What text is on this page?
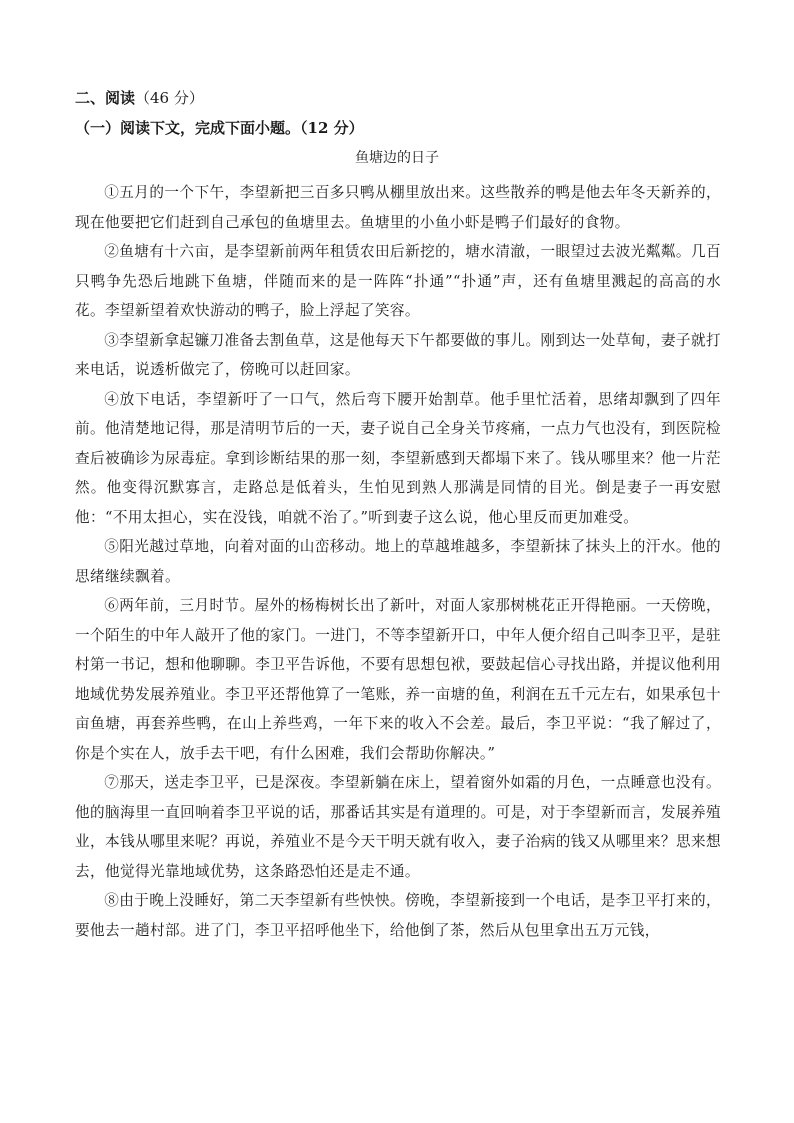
二、阅读（46 分）
（一）阅读下文，完成下面小题。（12 分）
鱼塘边的日子

①五月的一个下午，李望新把三百多只鸭从棚里放出来。这些散养的鸭是他去年冬天新养的，现在他要把它们赶到自己承包的鱼塘里去。鱼塘里的小鱼小虾是鸭子们最好的食物。

②鱼塘有十六亩，是李望新前两年租赁农田后新挖的，塘水清澈，一眼望过去波光粼粼。几百只鸭争先恐后地跳下鱼塘，伴随而来的是一阵阵“扑通”“扑通”声，还有鱼塘里溅起的高高的水花。李望新望着欢快游动的鸭子，脸上浮起了笑容。

③李望新拿起镰刀准备去割鱼草，这是他每天下午都要做的事儿。刚到达一处草甸，妻子就打来电话，说透析做完了，傍晚可以赶回家。

④放下电话，李望新吁了一口气，然后弯下腰开始割草。他手里忙活着，思绪却飘到了四年前。他清楚地记得，那是清明节后的一天，妻子说自己全身关节疼痛，一点力气也没有，到医院检查后被确诊为尿毒症。拿到诊断结果的那一刻，李望新感到天都塌下来了。钱从哪里来？他一片茫然。他变得沉默寡言，走路总是低着头，生怕见到熟人那满是同情的目光。倒是妻子一再安慰他：“不用太担心，实在没钱，咱就不治了。”听到妻子这么说，他心里反而更加难受。

⑤阳光越过草地，向着对面的山峦移动。地上的草越堆越多，李望新抹了抹头上的汗水。他的思绪继续飘着。

⑥两年前，三月时节。屋外的杨梅树长出了新叶，对面人家那树桃花正开得艳丽。一天傍晚，一个陌生的中年人敲开了他的家门。一进门，不等李望新开口，中年人便介绍自己叫李卫平，是驻村第一书记，想和他聊聊。李卫平告诉他，不要有思想包袱，要鼓起信心寻找出路，并提议他利用地域优势发展养殖业。李卫平还帮他算了一笔账，养一亩塘的鱼，利润在五千元左右，如果承包十亩鱼塘，再套养些鸭，在山上养些鸡，一年下来的收入不会差。最后，李卫平说：“我了解过了，你是个实在人，放手去干吧，有什么困难，我们会帮助你解决。”

⑦那天，送走李卫平，已是深夜。李望新躺在床上，望着窗外如霜的月色，一点睡意也没有。他的脑海里一直回响着李卫平说的话，那番话其实是有道理的。可是，对于李望新而言，发展养殖业，本钱从哪里来呢？再说，养殖业不是今天干明天就有收入，妻子治病的钱又从哪里来？思来想去，他觉得光靠地域优势，这条路恐怕还是走不通。

⑧由于晚上没睡好，第二天李望新有些怏怏。傍晚，李望新接到一个电话，是李卫平打来的，要他去一趟村部。进了门，李卫平招呼他坐下，给他倒了茶，然后从包里拿出五万元钱，
